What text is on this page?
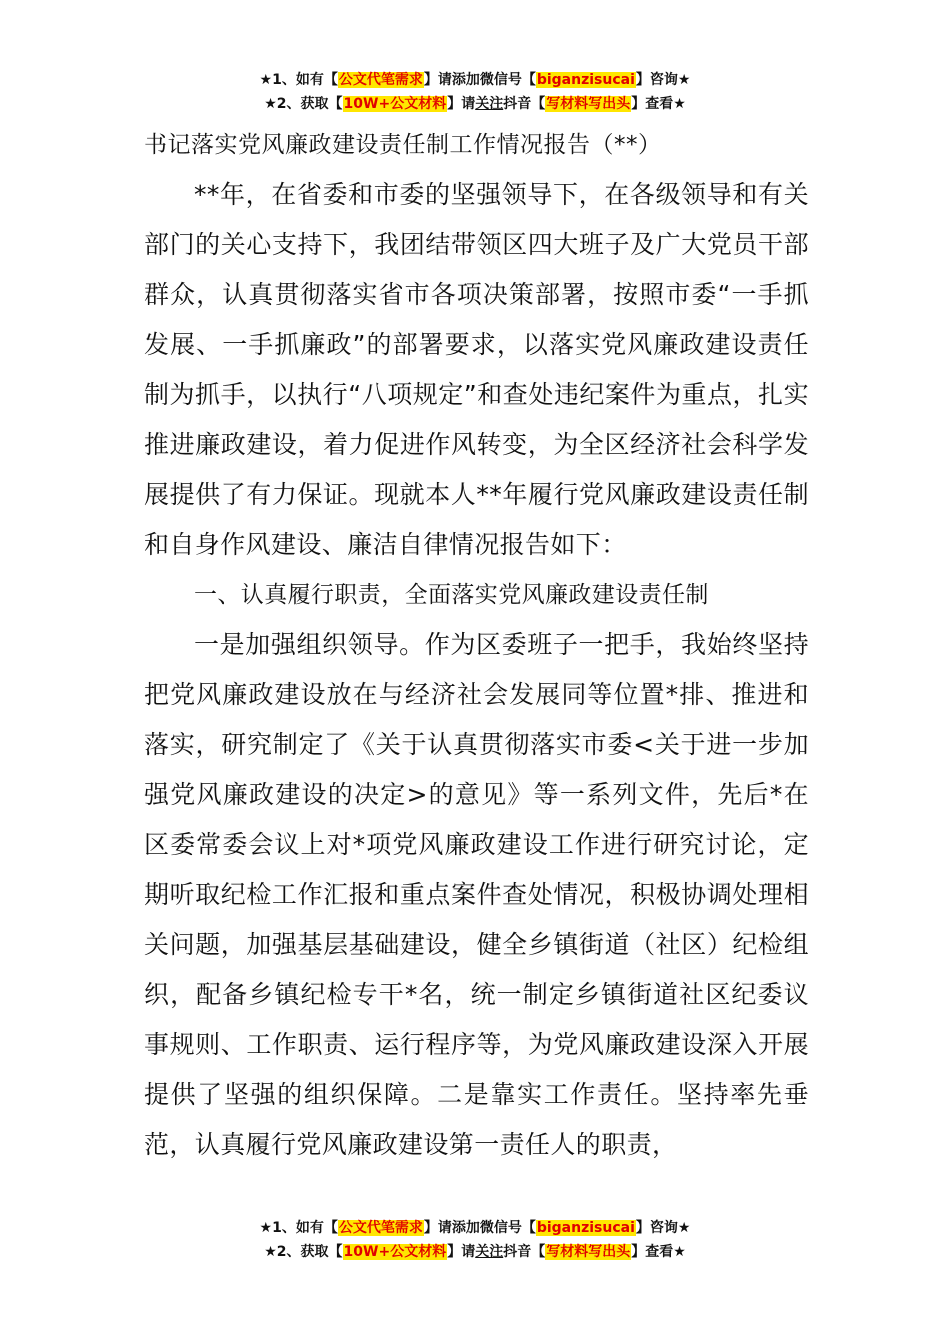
★1、如有【公文代笔需求】请添加微信号【biganzisucai】咨询★
★2、获取【10W+公文材料】请关注抖音【写材料写出头】查看★
书记落实党风廉政建设责任制工作情况报告（**）

**年，在省委和市委的坚强领导下，在各级领导和有关部门的关心支持下，我团结带领区四大班子及广大党员干部群众，认真贯彻落实省市各项决策部署，按照市委“一手抓发展、一手抓廉政”的部署要求，以落实党风廉政建设责任制为抓手，以执行“八项规定”和查处违纪案件为重点，扎实推进廉政建设，着力促进作风转变，为全区经济社会科学发展提供了有力保证。现就本人**年履行党风廉政建设责任制和自身作风建设、廉洁自律情况报告如下：

一、认真履行职责，全面落实党风廉政建设责任制

一是加强组织领导。作为区委班子一把手，我始终坚持把党风廉政建设放在与经济社会发展同等位置*排、推进和落实，研究制定了《关于认真贯彻落实市委<关于进一步加强党风廉政建设的决定>的意见》等一系列文件，先后*在区委常委会议上对*项党风廉政建设工作进行研究讨论，定期听取纪检工作汇报和重点案件查处情况，积极协调处理相关问题，加强基层基础建设，健全乡镇街道（社区）纪检组织，配备乡镇纪检专干*名，统一制定乡镇街道社区纪委议事规则、工作职责、运行程序等，为党风廉政建设深入开展提供了坚强的组织保障。二是靠实工作责任。坚持率先垂范，认真履行党风廉政建设第一责任人的职责，

★1、如有【公文代笔需求】请添加微信号【biganzisucai】咨询★
★2、获取【10W+公文材料】请关注抖音【写材料写出头】查看★
